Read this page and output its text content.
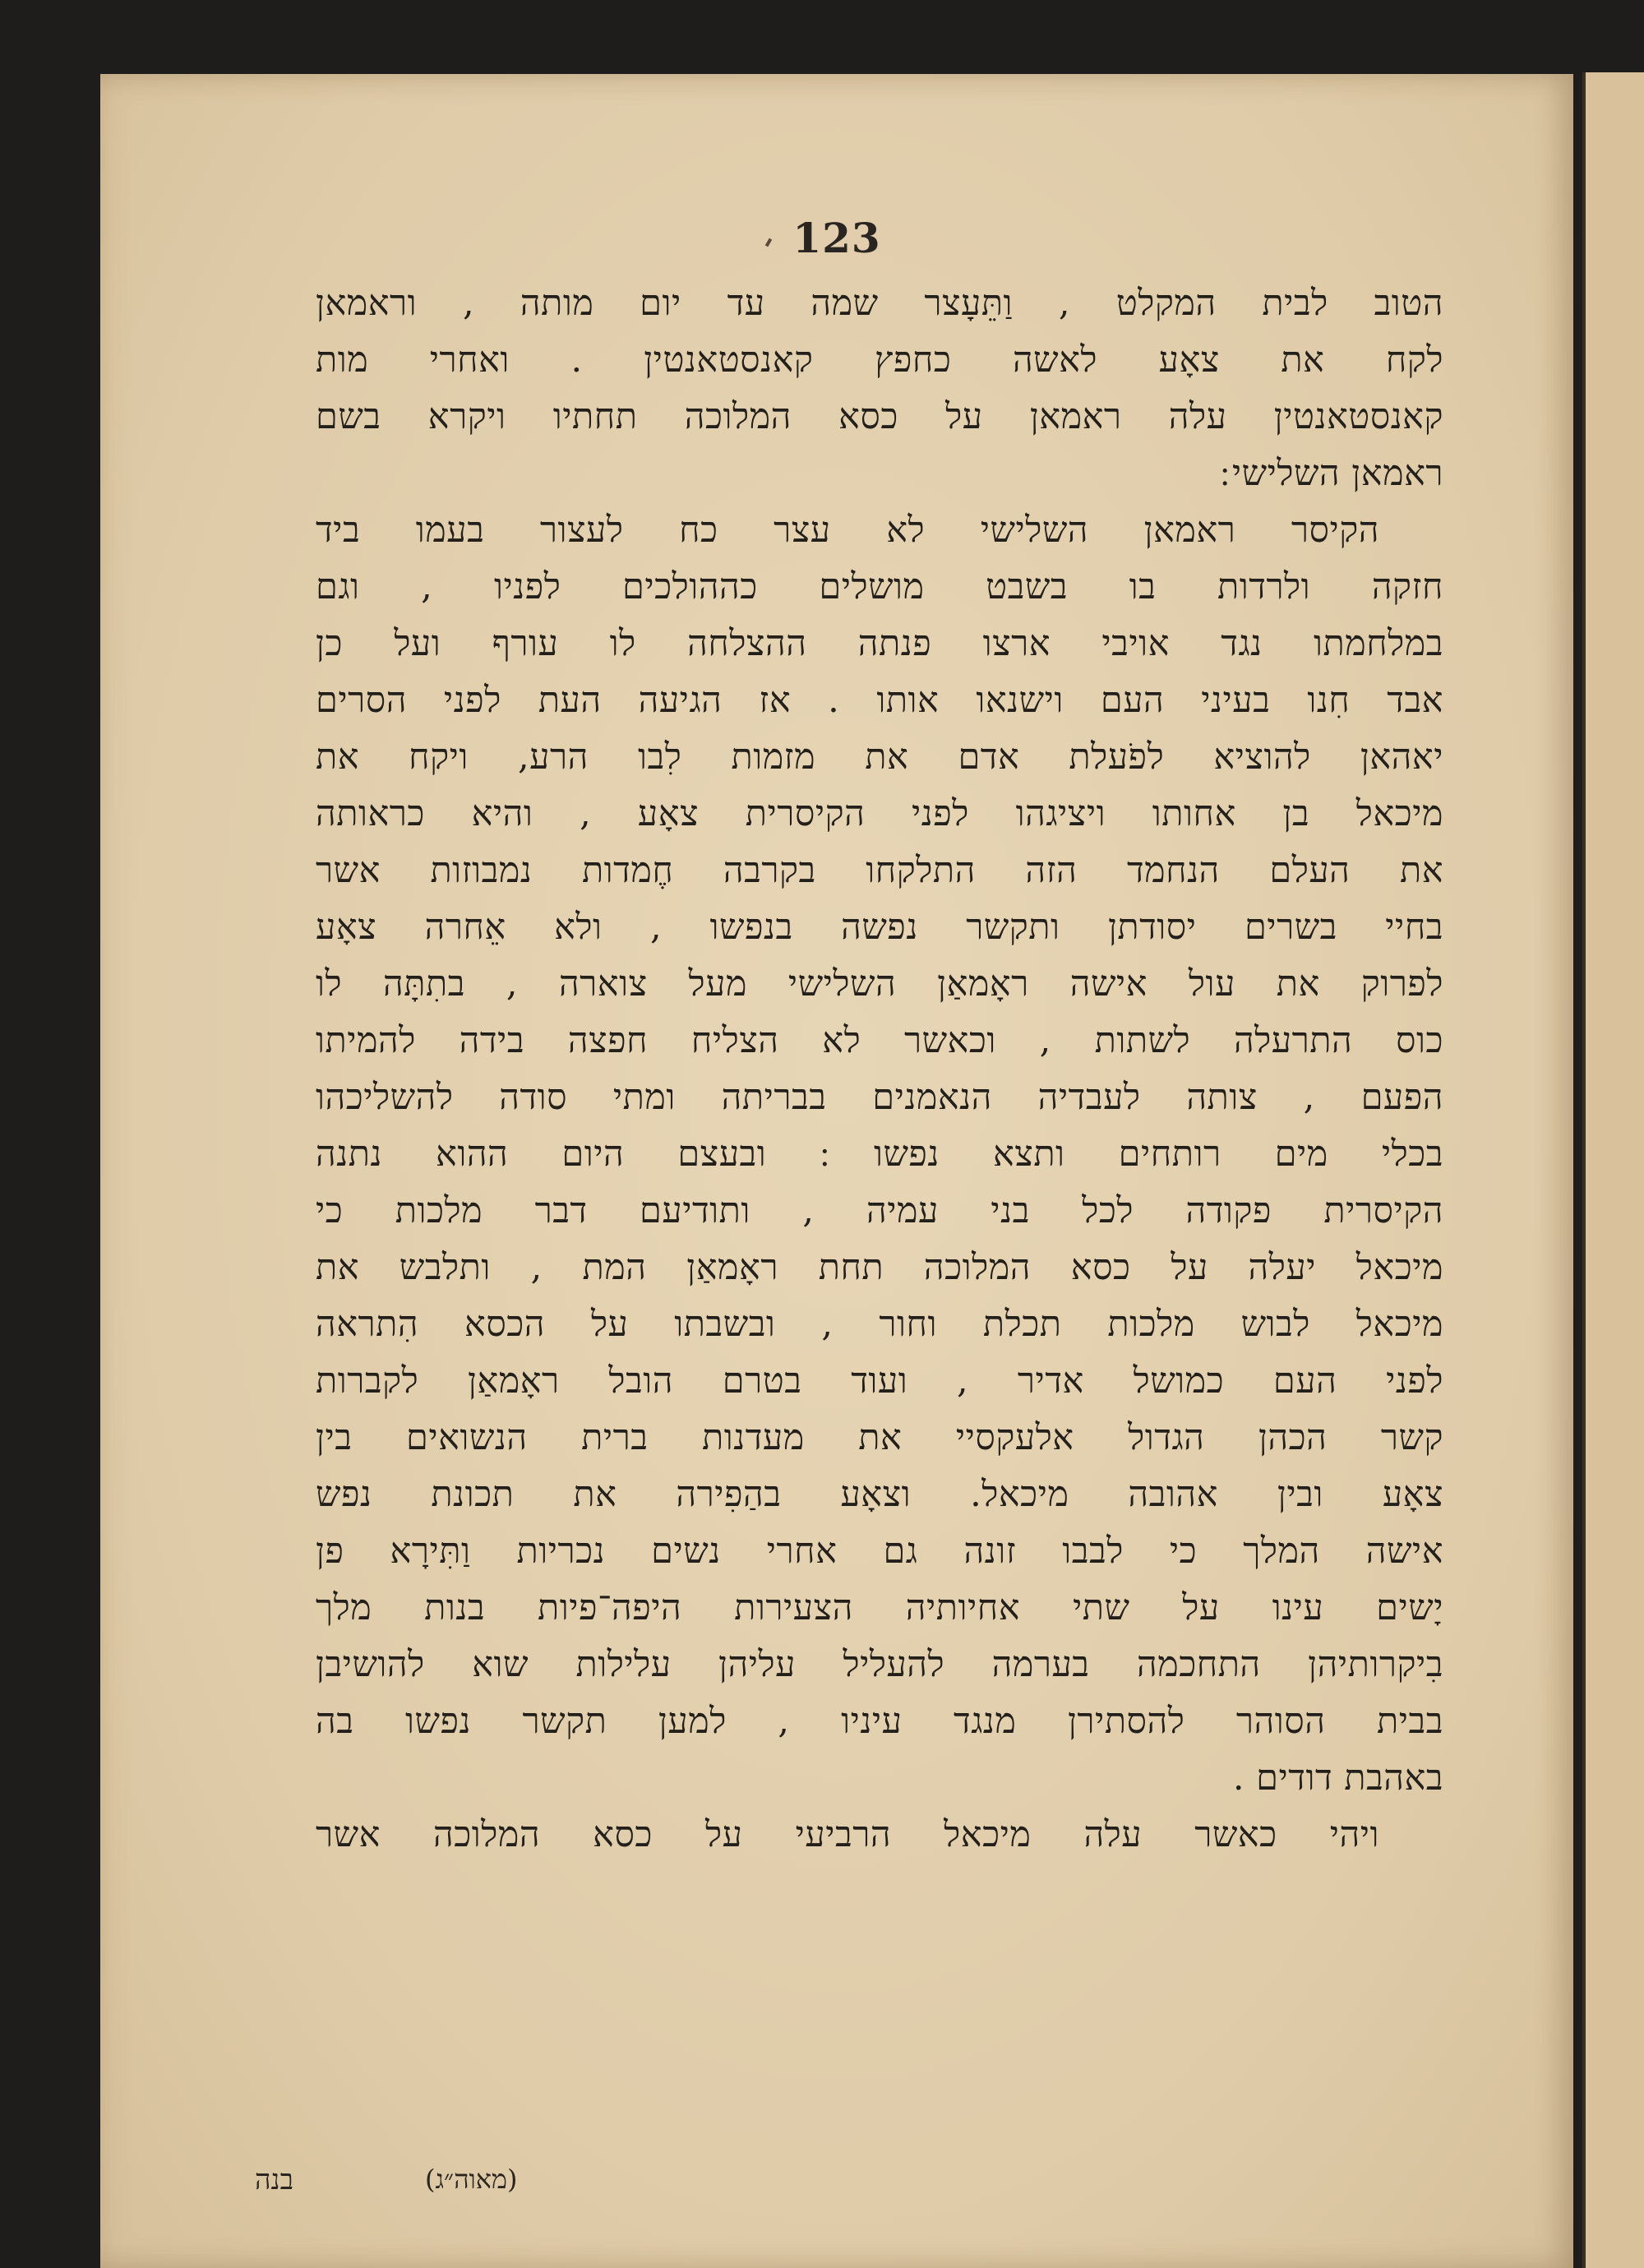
123
הטוב לבית המקלט , וַתֵּעָצר שמה עד יום מותה , וראמאן
לקח את צאָע לאשה כחפץ קאנסטאנטין . ואחרי מות
קאנסטאנטין עלה ראמאן על כסא המלוכה תחתיו ויקרא בשם
ראמאן השלישי ׃
הקיסר ראמאן השלישי לא עצר כח לעצור בעמו ביד
חזקה ולרדות בו בשבט מושלים כההולכים לפניו , וגם
במלחמתו נגד אויבי ארצו פנתה ההצלחה לו עורף ועל כן
אבד חִנו בעיני העם וישנאו אותו . אז הגיעה העת לפני הסרים
יאהאן להוציא לפֹעלת אדם את מזמות לִבו הרע, ויקח את
מיכאל בן אחותו ויציגהו לפני הקיסרית צאָע , והיא כראותה
את העלם הנחמד הזה התלקחו בקרבה חֶמדות נמבוזות אשר
בחיי בשרים יסודתן ותקשר נפשה בנפשו , ולא אֵחרה צאָע
לפרוק את עול אישה ראָמאַן השלישי מעל צוארה , בתִתָּה לו
כוס התרעלה לשתות , וכאשר לא הצליח חפצה בידה להמיתו
הפעם , צותה לעבדיה הנאמנים בבריתה ומתי סודה להשליכהו
בכלי מים רותחים ותצא נפשו ׃ ובעצם היום ההוא נתנה
הקיסרית פקודה לכל בני עמיה , ותודיעם דבר מלכות כי
מיכאל יעלה על כסא המלוכה תחת ראָמאַן המת , ותלבש את
מיכאל לבוש מלכות תכלת וחור , ובשבתו על הכסא הִתראה
לפני העם כמושל אדיר , ועוד בטרם הובל ראָמאַן לקברות
קשר הכהן הגדול אלעקסיי את מעדנות ברית הנשואים בין
צאָע ובין אהובה מיכאל. וצאָע בהַפִירה את תכונת נפש
אישה המלך כי לבבו זונה גם אחרי נשים נכריות וַתִּירָא פן
יָשים עינו על שתי אחיותיה הצעירות היפה־פיות בנות מלך
בִיקרותיהן התחכמה בערמה להעליל עליהן עלילות שוא להושיבן
בבית הסוהר להסתירן מנגד עיניו , למען תקשר נפשו בה
באהבת דודים .
ויהי כאשר עלה מיכאל הרביעי על כסא המלוכה אשר
(מאוה״ג)
בנה
